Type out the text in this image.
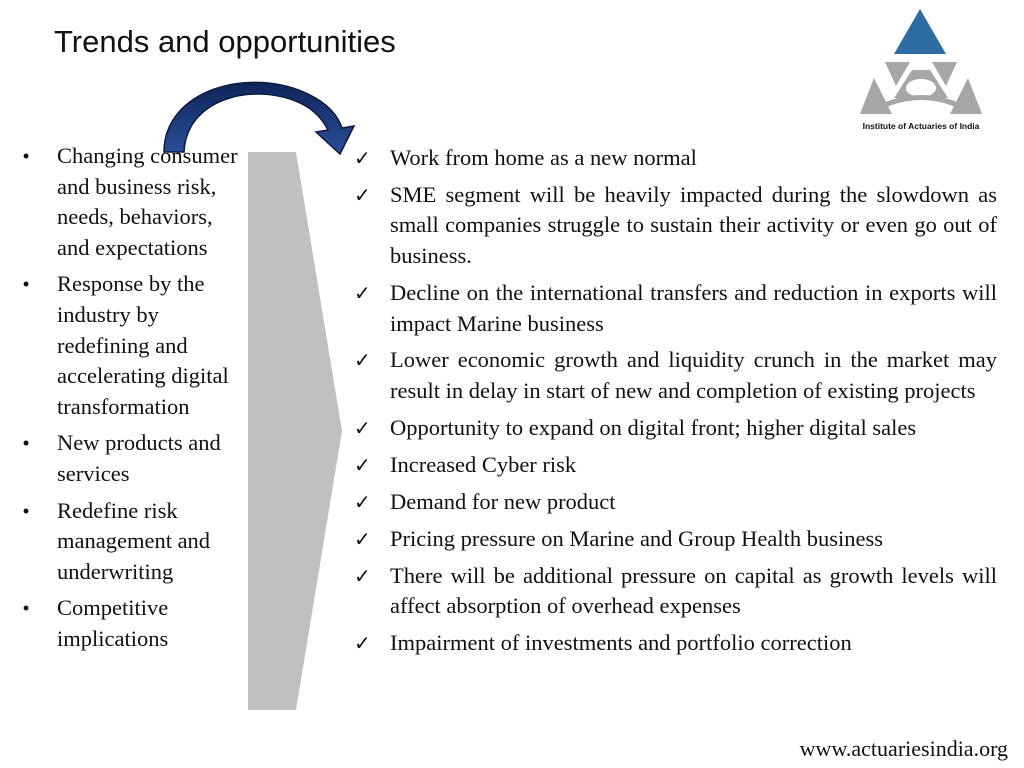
Trends and opportunities
Institute of Actuaries of India
• Changing consumer and business risk, needs, behaviors, and expectations
• Response by the industry by redefining and accelerating digital transformation
• New products and services
• Redefine risk management and underwriting
• Competitive implications
✓ Work from home as a new normal
✓ SME segment will be heavily impacted during the slowdown as small companies struggle to sustain their activity or even go out of business.
✓ Decline on the international transfers and reduction in exports will impact Marine business
✓ Lower economic growth and liquidity crunch in the market may result in delay in start of new and completion of existing projects
✓ Opportunity to expand on digital front; higher digital sales
✓ Increased Cyber risk
✓ Demand for new product
✓ Pricing pressure on Marine and Group Health business
✓ There will be additional pressure on capital as growth levels will affect absorption of overhead expenses
✓ Impairment of investments and portfolio correction
www.actuariesindia.org
